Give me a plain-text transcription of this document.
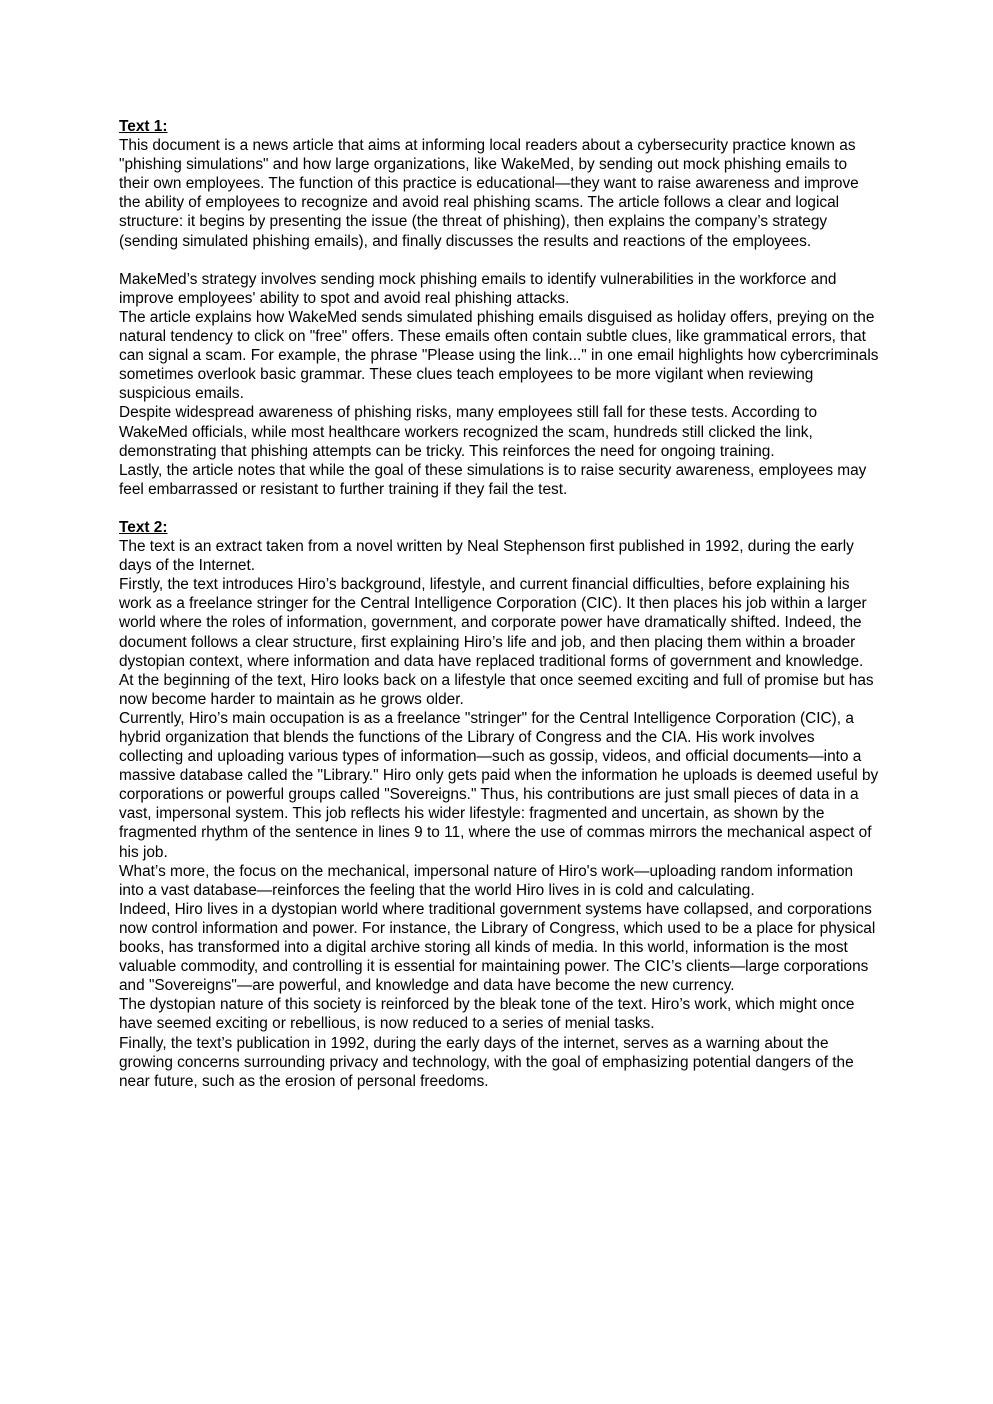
Text 1:

This document is a news article that aims at informing local readers about a cybersecurity practice known as "phishing simulations" and how large organizations, like WakeMed, by sending out mock phishing emails to their own employees. The function of this practice is educational—they want to raise awareness and improve the ability of employees to recognize and avoid real phishing scams. The article follows a clear and logical structure: it begins by presenting the issue (the threat of phishing), then explains the company’s strategy (sending simulated phishing emails), and finally discusses the results and reactions of the employees.

MakeMed’s strategy involves sending mock phishing emails to identify vulnerabilities in the workforce and improve employees' ability to spot and avoid real phishing attacks.

The article explains how WakeMed sends simulated phishing emails disguised as holiday offers, preying on the natural tendency to click on "free" offers. These emails often contain subtle clues, like grammatical errors, that can signal a scam. For example, the phrase "Please using the link..." in one email highlights how cybercriminals sometimes overlook basic grammar. These clues teach employees to be more vigilant when reviewing suspicious emails.

Despite widespread awareness of phishing risks, many employees still fall for these tests. According to WakeMed officials, while most healthcare workers recognized the scam, hundreds still clicked the link, demonstrating that phishing attempts can be tricky. This reinforces the need for ongoing training.

Lastly, the article notes that while the goal of these simulations is to raise security awareness, employees may feel embarrassed or resistant to further training if they fail the test.

Text 2:

The text is an extract taken from a novel written by Neal Stephenson first published in 1992, during the early days of the Internet.

Firstly, the text introduces Hiro’s background, lifestyle, and current financial difficulties, before explaining his work as a freelance stringer for the Central Intelligence Corporation (CIC). It then places his job within a larger world where the roles of information, government, and corporate power have dramatically shifted. Indeed, the document follows a clear structure, first explaining Hiro’s life and job, and then placing them within a broader dystopian context, where information and data have replaced traditional forms of government and knowledge.

At the beginning of the text, Hiro looks back on a lifestyle that once seemed exciting and full of promise but has now become harder to maintain as he grows older.

Currently, Hiro’s main occupation is as a freelance "stringer" for the Central Intelligence Corporation (CIC), a hybrid organization that blends the functions of the Library of Congress and the CIA. His work involves collecting and uploading various types of information—such as gossip, videos, and official documents—into a massive database called the "Library." Hiro only gets paid when the information he uploads is deemed useful by corporations or powerful groups called "Sovereigns." Thus, his contributions are just small pieces of data in a vast, impersonal system. This job reflects his wider lifestyle: fragmented and uncertain, as shown by the fragmented rhythm of the sentence in lines 9 to 11, where the use of commas mirrors the mechanical aspect of his job.

What’s more, the focus on the mechanical, impersonal nature of Hiro's work—uploading random information into a vast database—reinforces the feeling that the world Hiro lives in is cold and calculating.

Indeed, Hiro lives in a dystopian world where traditional government systems have collapsed, and corporations now control information and power. For instance, the Library of Congress, which used to be a place for physical books, has transformed into a digital archive storing all kinds of media. In this world, information is the most valuable commodity, and controlling it is essential for maintaining power. The CIC’s clients—large corporations and "Sovereigns"—are powerful, and knowledge and data have become the new currency.

The dystopian nature of this society is reinforced by the bleak tone of the text. Hiro’s work, which might once have seemed exciting or rebellious, is now reduced to a series of menial tasks.

Finally, the text’s publication in 1992, during the early days of the internet, serves as a warning about the growing concerns surrounding privacy and technology, with the goal of emphasizing potential dangers of the near future, such as the erosion of personal freedoms.
